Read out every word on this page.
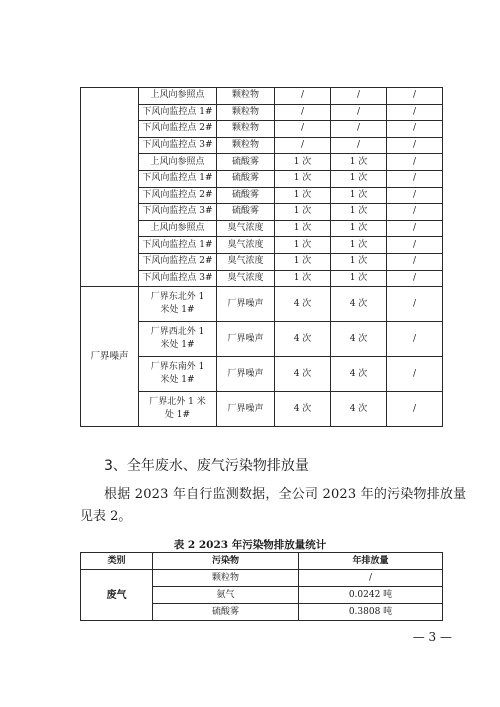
	上风向参照点	颗粒物	/	/	/
	下风向监控点 1#	颗粒物	/	/	/
	下风向监控点 2#	颗粒物	/	/	/
	下风向监控点 3#	颗粒物	/	/	/
	上风向参照点	硫酸雾	1 次	1 次	/
	下风向监控点 1#	硫酸雾	1 次	1 次	/
	下风向监控点 2#	硫酸雾	1 次	1 次	/
	下风向监控点 3#	硫酸雾	1 次	1 次	/
	上风向参照点	臭气浓度	1 次	1 次	/
	下风向监控点 1#	臭气浓度	1 次	1 次	/
	下风向监控点 2#	臭气浓度	1 次	1 次	/
	下风向监控点 3#	臭气浓度	1 次	1 次	/
厂界噪声	厂界东北外 1 米处 1#	厂界噪声	4 次	4 次	/
	厂界西北外 1 米处 1#	厂界噪声	4 次	4 次	/
	厂界东南外 1 米处 1#	厂界噪声	4 次	4 次	/
	厂界北外 1 米处 1#	厂界噪声	4 次	4 次	/
3、全年废水、废气污染物排放量
根据 2023 年自行监测数据，全公司 2023 年的污染物排放量
见表 2。
表 2 2023 年污染物排放量统计
类别	污染物	年排放量
废气	颗粒物	/
	氨气	0.0242 吨
	硫酸雾	0.3808 吨
— 3 —
